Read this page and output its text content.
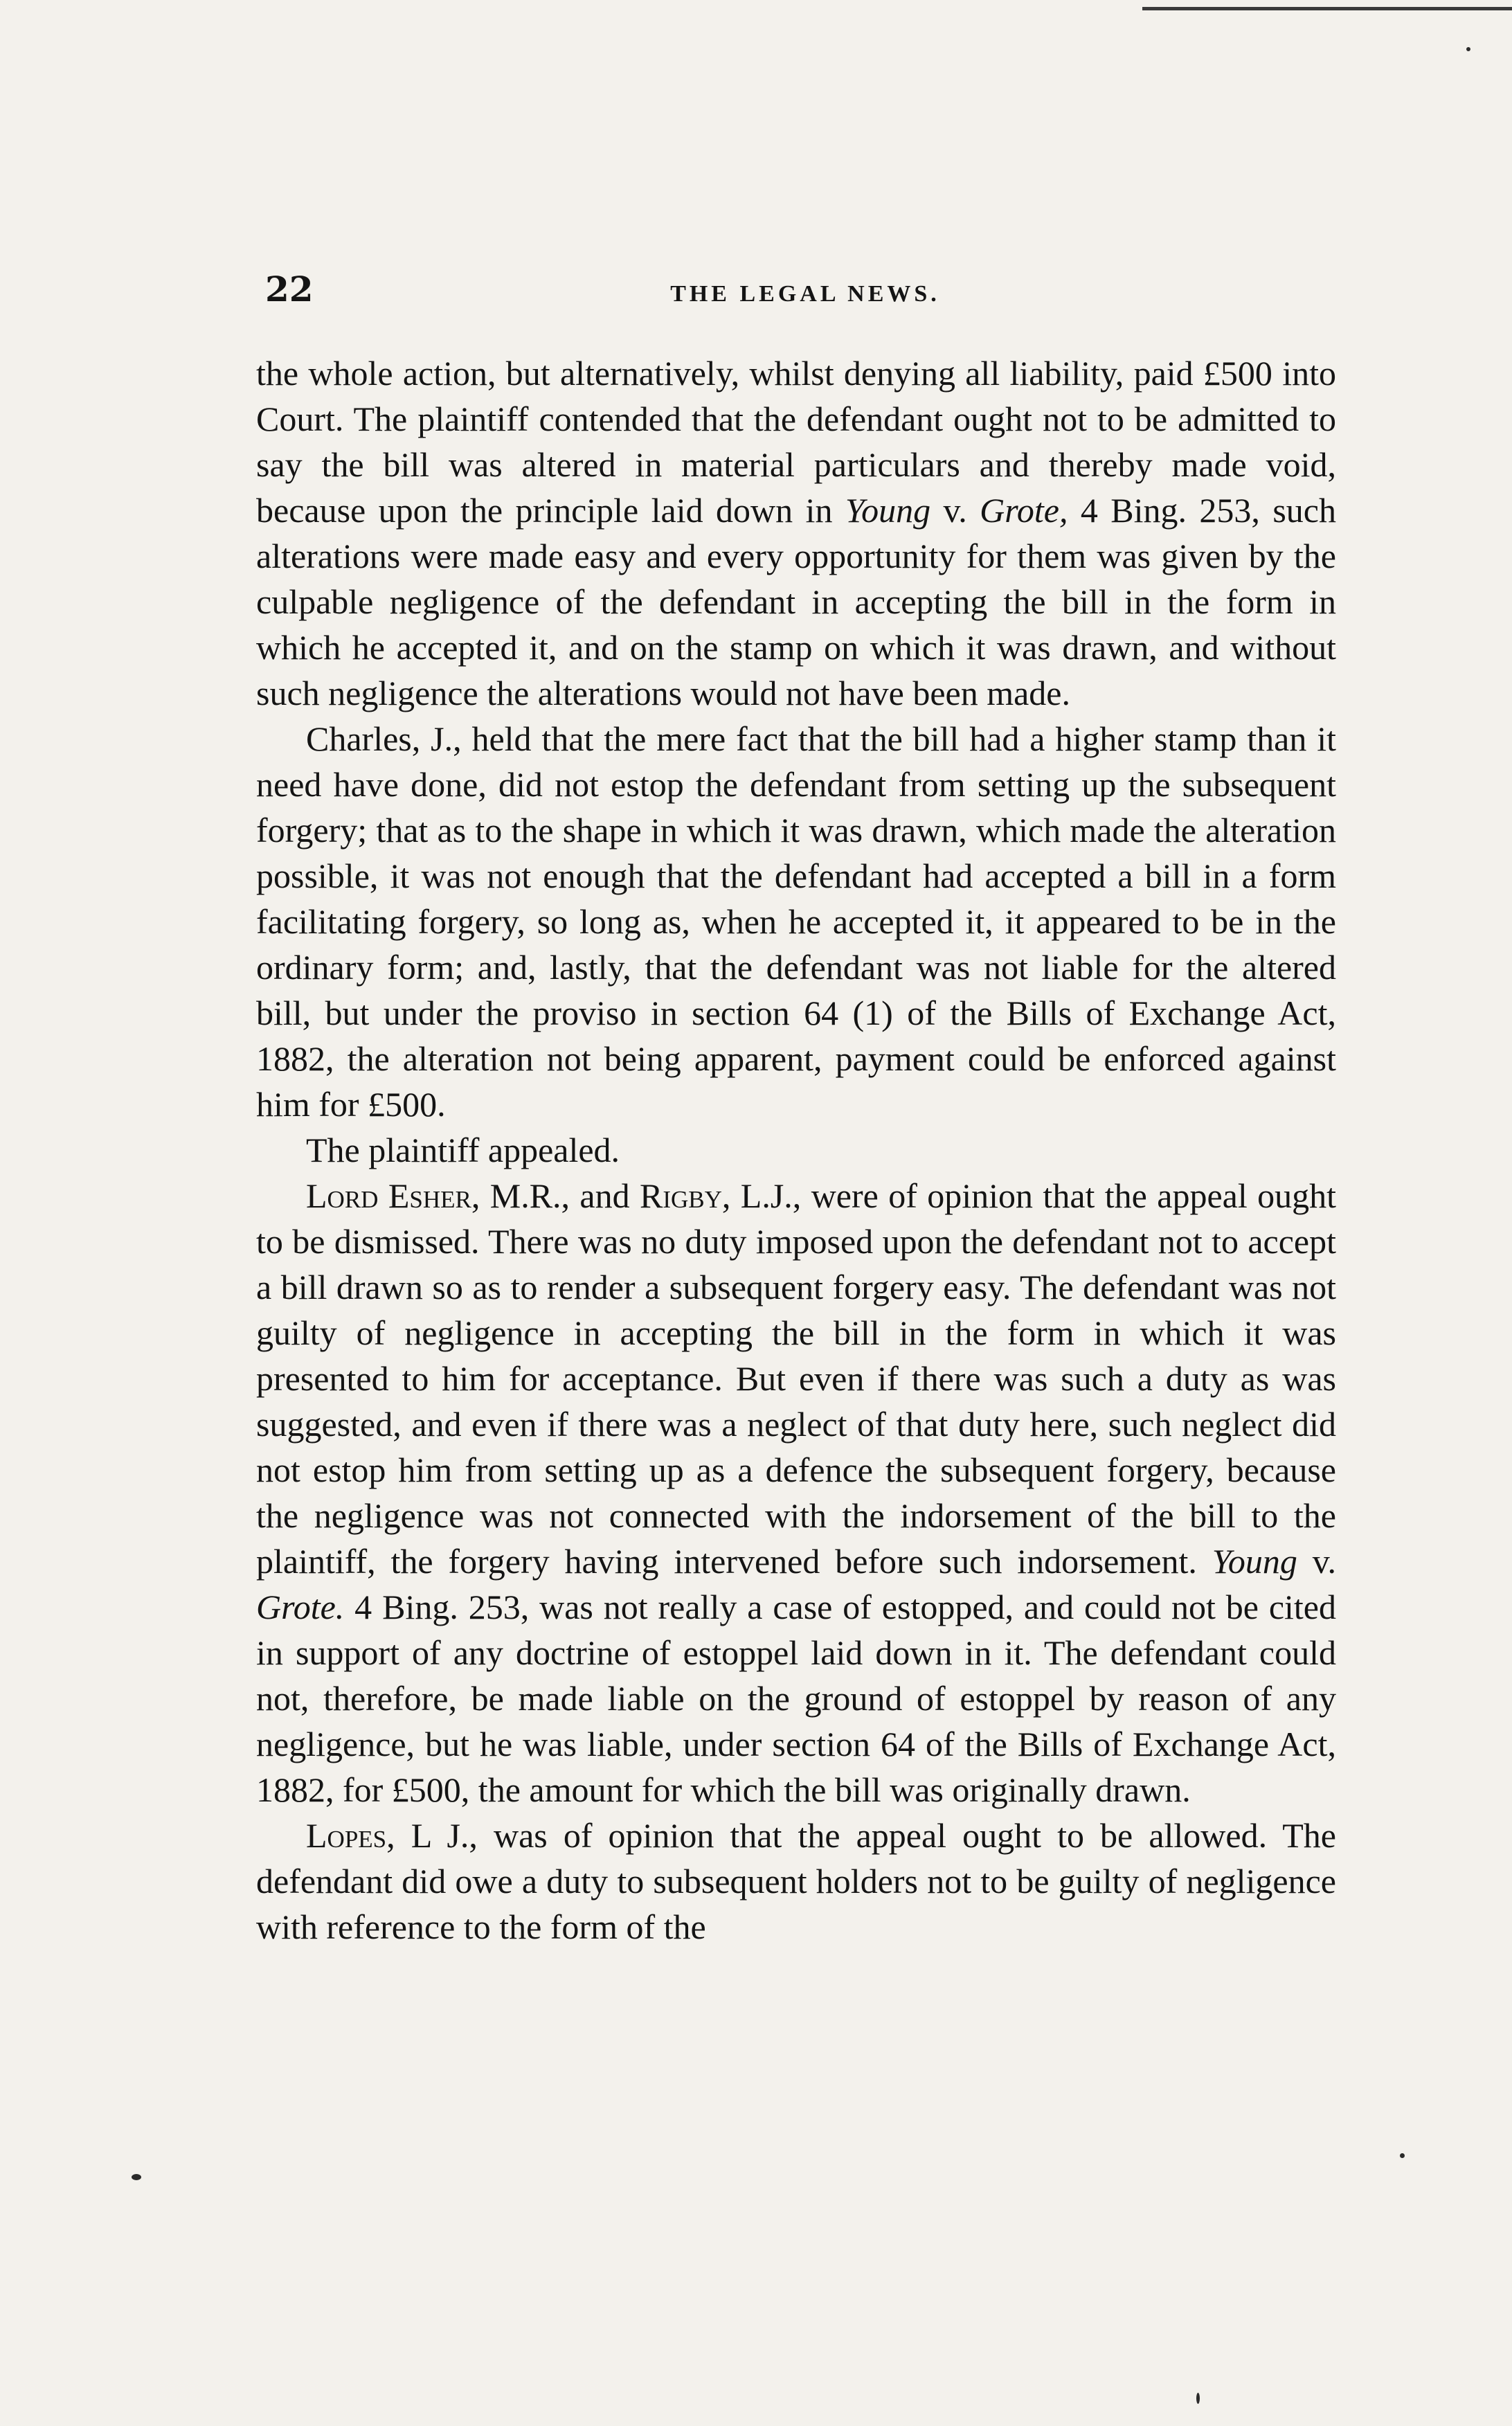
22	THE LEGAL NEWS.

the whole action, but alternatively, whilst denying all liability, paid £500 into Court. The plaintiff contended that the defendant ought not to be admitted to say the bill was altered in material particulars and thereby made void, because upon the principle laid down in Young v. Grote, 4 Bing. 253, such alterations were made easy and every opportunity for them was given by the culpable negligence of the defendant in accepting the bill in the form in which he accepted it, and on the stamp on which it was drawn, and without such negligence the alterations would not have been made.

Charles, J., held that the mere fact that the bill had a higher stamp than it need have done, did not estop the defendant from setting up the subsequent forgery; that as to the shape in which it was drawn, which made the alteration possible, it was not enough that the defendant had accepted a bill in a form facilitating forgery, so long as, when he accepted it, it appeared to be in the ordinary form; and, lastly, that the defendant was not liable for the altered bill, but under the proviso in section 64 (1) of the Bills of Exchange Act, 1882, the alteration not being apparent, payment could be enforced against him for £500.

The plaintiff appealed.

Lord Esher, M.R., and Rigby, L.J., were of opinion that the appeal ought to be dismissed. There was no duty imposed upon the defendant not to accept a bill drawn so as to render a subsequent forgery easy. The defendant was not guilty of negligence in accepting the bill in the form in which it was presented to him for acceptance. But even if there was such a duty as was suggested, and even if there was a neglect of that duty here, such neglect did not estop him from setting up as a defence the subsequent forgery, because the negligence was not connected with the indorsement of the bill to the plaintiff, the forgery having intervened before such indorsement. Young v. Grote. 4 Bing. 253, was not really a case of estopped, and could not be cited in support of any doctrine of estoppel laid down in it. The defendant could not, therefore, be made liable on the ground of estoppel by reason of any negligence, but he was liable, under section 64 of the Bills of Exchange Act, 1882, for £500, the amount for which the bill was originally drawn.

Lopes, L J., was of opinion that the appeal ought to be allowed. The defendant did owe a duty to subsequent holders not to be guilty of negligence with reference to the form of the
